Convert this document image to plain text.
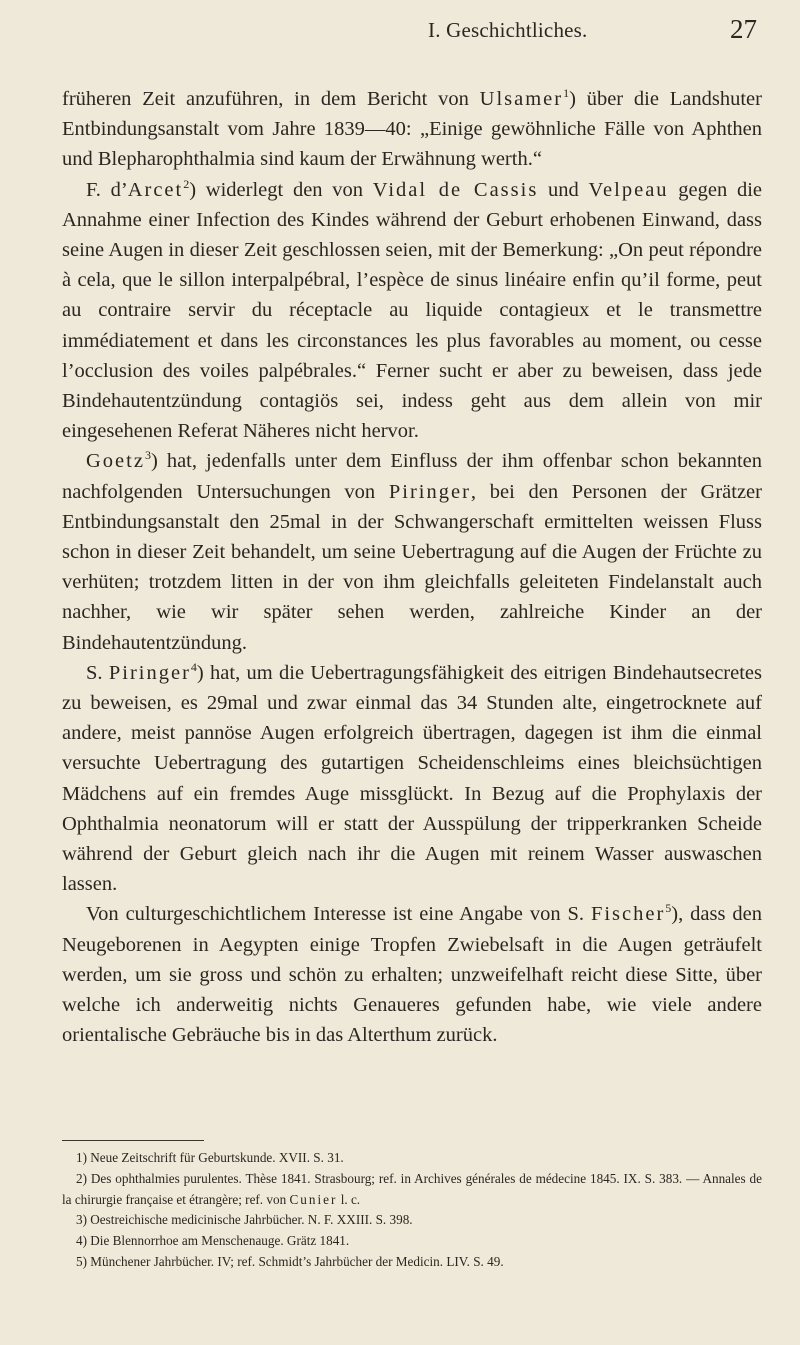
I. Geschichtliches.	27

früheren Zeit anzuführen, in dem Bericht von Ulsamer$^1$) über die Landshuter Entbindungsanstalt vom Jahre 1839—40: „Einige gewöhnliche Fälle von Aphthen und Blepharophthalmia sind kaum der Erwähnung werth.“

F. d’Arcet$^2$) widerlegt den von Vidal de Cassis und Velpeau gegen die Annahme einer Infection des Kindes während der Geburt erhobenen Einwand, dass seine Augen in dieser Zeit geschlossen seien, mit der Bemerkung: „On peut répondre à cela, que le sillon interpalpébral, l’espèce de sinus linéaire enfin qu’il forme, peut au contraire servir du réceptacle au liquide contagieux et le transmettre immédiatement et dans les circonstances les plus favorables au moment, ou cesse l’occlusion des voiles palpébrales.“ Ferner sucht er aber zu beweisen, dass jede Bindehautentzündung contagiös sei, indess geht aus dem allein von mir eingesehenen Referat Näheres nicht hervor.

Goetz$^3$) hat, jedenfalls unter dem Einfluss der ihm offenbar schon bekannten nachfolgenden Untersuchungen von Piringer, bei den Personen der Grätzer Entbindungsanstalt den 25mal in der Schwangerschaft ermittelten weissen Fluss schon in dieser Zeit behandelt, um seine Uebertragung auf die Augen der Früchte zu verhüten; trotzdem litten in der von ihm gleichfalls geleiteten Findelanstalt auch nachher, wie wir später sehen werden, zahlreiche Kinder an der Bindehautentzündung.

S. Piringer$^4$) hat, um die Uebertragungsfähigkeit des eitrigen Bindehautsecretes zu beweisen, es 29mal und zwar einmal das 34 Stunden alte, eingetrocknete auf andere, meist pannöse Augen erfolgreich übertragen, dagegen ist ihm die einmal versuchte Uebertragung des gutartigen Scheidenschleims eines bleichsüchtigen Mädchens auf ein fremdes Auge missglückt. In Bezug auf die Prophylaxis der Ophthalmia neonatorum will er statt der Ausspülung der tripperkranken Scheide während der Geburt gleich nach ihr die Augen mit reinem Wasser auswaschen lassen.

Von culturgeschichtlichem Interesse ist eine Angabe von S. Fischer$^5$), dass den Neugeborenen in Aegypten einige Tropfen Zwiebelsaft in die Augen geträufelt werden, um sie gross und schön zu erhalten; unzweifelhaft reicht diese Sitte, über welche ich anderweitig nichts Genaueres gefunden habe, wie viele andere orientalische Gebräuche bis in das Alterthum zurück.

1) Neue Zeitschrift für Geburtskunde. XVII. S. 31.

2) Des ophthalmies purulentes. Thèse 1841. Strasbourg; ref. in Archives générales de médecine 1845. IX. S. 383. — Annales de la chirurgie française et étrangère; ref. von Cunier l. c.

3) Oestreichische medicinische Jahrbücher. N. F. XXIII. S. 398.

4) Die Blennorrhoe am Menschenauge. Grätz 1841.

5) Münchener Jahrbücher. IV; ref. Schmidt’s Jahrbücher der Medicin. LIV. S. 49.
